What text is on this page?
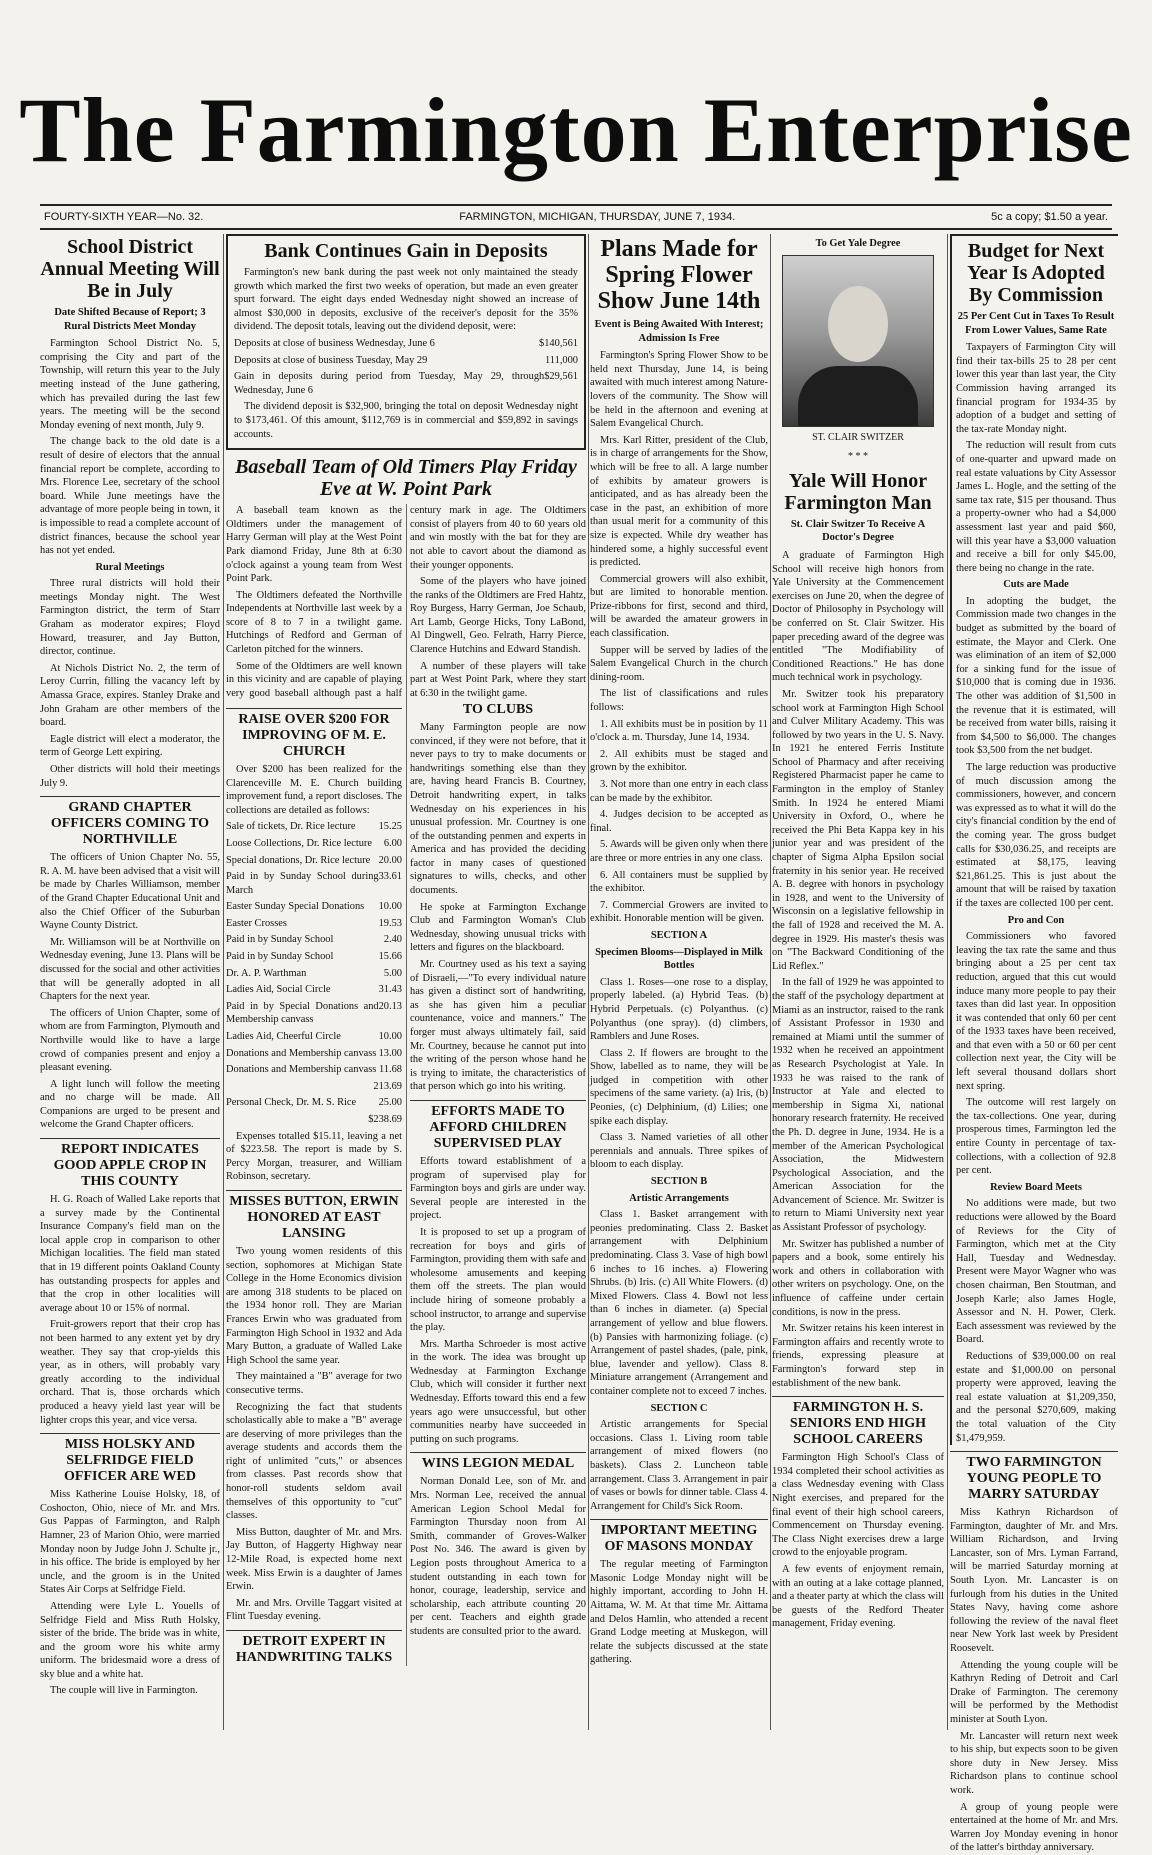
The Farmington Enterprise
FOURTY-SIXTH YEAR—No. 32.	FARMINGTON, MICHIGAN, THURSDAY, JUNE 7, 1934.	5c a copy; $1.50 a year.
School District Annual Meeting Will Be in July
Date Shifted Because of Report; 3 Rural Districts Meet Monday

Farmington School District No. 5, comprising the City and part of the Township, will return this year to the July meeting instead of the June gathering, which has prevailed during the last few years. The meeting will be the second Monday evening of next month, July 9.

The change back to the old date is a result of desire of electors that the annual financial report be complete, according to Mrs. Florence Lee, secretary of the school board. While June meetings have the advantage of more people being in town, it is impossible to read a complete account of district finances, because the school year has not yet ended.

Rural Meetings

Three rural districts will hold their meetings Monday night. The West Farmington district, the term of Starr Graham as moderator expires; Floyd Howard, treasurer, and Jay Button, director, continue.

At Nichols District No. 2, the term of Leroy Currin, filling the vacancy left by Amassa Grace, expires. Stanley Drake and John Graham are other members of the board.

Eagle district will elect a moderator, the term of George Lett expiring.

Other districts will hold their meetings July 9.

GRAND CHAPTER OFFICERS COMING TO NORTHVILLE

The officers of Union Chapter No. 55, R. A. M. have been advised that a visit will be made by Charles Williamson, member of the Grand Chapter Educational Unit and also the Chief Officer of the Suburban Wayne County District.

Mr. Williamson will be at Northville on Wednesday evening, June 13. Plans will be discussed for the social and other activities that will be generally adopted in all Chapters for the next year.

The officers of Union Chapter, some of whom are from Farmington, Plymouth and Northville would like to have a large crowd of companies present and enjoy a pleasant evening.

A light lunch will follow the meeting and no charge will be made. All Companions are urged to be present and welcome the Grand Chapter officers.

REPORT INDICATES GOOD APPLE CROP IN THIS COUNTY

H. G. Roach of Walled Lake reports that a survey made by the Continental Insurance Company's field man on the local apple crop in comparison to other Michigan localities. The field man stated that in 19 different points Oakland County has outstanding prospects for apples and that the crop in other localities will average about 10 or 15% of normal.

Fruit-growers report that their crop has not been harmed to any extent yet by dry weather. They say that crop-yields this year, as in others, will probably vary greatly according to the individual orchard. That is, those orchards which produced a heavy yield last year will be lighter crops this year, and vice versa.

MISS HOLSKY AND SELFRIDGE FIELD OFFICER ARE WED

Miss Katherine Louise Holsky, 18, of Coshocton, Ohio, niece of Mr. and Mrs. Gus Pappas of Farmington, and Ralph Hamner, 23 of Marion Ohio, were married Monday noon by Judge John J. Schulte jr., in his office. The bride is employed by her uncle, and the groom is in the United States Air Corps at Selfridge Field.

Attending were Lyle L. Youells of Selfridge Field and Miss Ruth Holsky, sister of the bride. The bride was in white, and the groom wore his white army uniform. The bridesmaid wore a dress of sky blue and a white hat.

The couple will live in Farmington.

Bank Continues Gain in Deposits

Farmington's new bank during the past week not only maintained the steady growth which marked the first two weeks of operation, but made an even greater spurt forward. The eight days ended Wednesday night showed an increase of almost $30,000 in deposits, exclusive of the receiver's deposit for the 35% dividend. The deposit totals, leaving out the dividend deposit, were:

Deposits at close of business Wednesday, June 6	$140,561

Deposits at close of business Tuesday, May 29	111,000

Gain in deposits during period from Tuesday, May 29, through Wednesday, June 6
$29,561

The dividend deposit is $32,900, bringing the total on deposit Wednesday night to $173,461. Of this amount, $112,769 is in commercial and $59,892 in savings accounts.

Baseball Team of Old Timers Play Friday Eve at W. Point Park

A baseball team known as the Oldtimers under the management of Harry German will play at the West Point Park diamond Friday, June 8th at 6:30 o'clock against a young team from West Point Park.

The Oldtimers defeated the Northville Independents at Northville last week by a score of 8 to 7 in a twilight game. Hutchings of Redford and German of Carleton pitched for the winners.

Some of the Oldtimers are well known in this vicinity and are capable of playing very good baseball although past a half century mark in age. The Oldtimers consist of players from 40 to 60 years old and win mostly with the bat for they are not able to cavort about the diamond as their younger opponents.

Some of the players who have joined the ranks of the Oldtimers are Fred Hahtz, Roy Burgess, Harry German, Joe Schaub, Art Lamb, George Hicks, Tony LaBond, Al Dingwell, Geo. Felrath, Harry Pierce, Clarence Hutchins and Edward Standish.

A number of these players will take part at West Point Park, where they start at 6:30 in the twilight game.

RAISE OVER $200 FOR IMPROVING OF M. E. CHURCH

Over $200 has been realized for the Clarenceville M. E. Church building improvement fund, a report discloses. The collections are detailed as follows:

Sale of tickets, Dr. Rice lecture 15.25

Loose Collections, Dr. Rice lecture 6.00

Special donations, Dr. Rice lecture 20.00

Paid in by Sunday School during March
33.61

Easter Sunday Special Donations 10.00

Easter Crosses	19.53

Paid in by Sunday School	2.40

Paid in by Sunday School	15.66

Dr. A. P. Warthman	5.00

Ladies Aid, Social Circle	31.43

Paid in by Special Donations and Membership canvass
20.13

Ladies Aid, Cheerful Circle	10.00

Donations and Membership canvass 13.00

Donations and Membership canvass 11.68

213.69

Personal Check, Dr. M. S. Rice 25.00

$238.69

Expenses totalled $15.11, leaving a net of $223.58. The report is made by S. Percy Morgan, treasurer, and William Robinson, secretary.

MISSES BUTTON, ERWIN HONORED AT EAST LANSING

Two young women residents of this section, sophomores at Michigan State College in the Home Economics division are among 318 students to be placed on the 1934 honor roll. They are Marian Frances Erwin who was graduated from Farmington High School in 1932 and Ada Mary Button, a graduate of Walled Lake High School the same year.

They maintained a "B" average for two consecutive terms.

Recognizing the fact that students scholastically able to make a "B" average are deserving of more privileges than the average students and accords them the right of unlimited "cuts," or absences from classes. Past records show that honor-roll students seldom avail themselves of this opportunity to "cut" classes.

Miss Button, daughter of Mr. and Mrs. Jay Button, of Haggerty Highway near 12-Mile Road, is expected home next week. Miss Erwin is a daughter of James Erwin.

Mr. and Mrs. Orville Taggart visited at Flint Tuesday evening.

DETROIT EXPERT IN HANDWRITING TALKS TO CLUBS

Many Farmington people are now convinced, if they were not before, that it never pays to try to make documents or handwritings something else than they are, having heard Francis B. Courtney, Detroit handwriting expert, in talks Wednesday on his experiences in his unusual profession. Mr. Courtney is one of the outstanding penmen and experts in America and has provided the deciding factor in many cases of questioned signatures to wills, checks, and other documents.

He spoke at Farmington Exchange Club and Farmington Woman's Club Wednesday, showing unusual tricks with letters and figures on the blackboard.

Mr. Courtney used as his text a saying of Disraeli,—"To every individual nature has given a distinct sort of handwriting, as she has given him a peculiar countenance, voice and manners." The forger must always ultimately fail, said Mr. Courtney, because he cannot put into the writing of the person whose hand he is trying to imitate, the characteristics of that person which go into his writing.

EFFORTS MADE TO AFFORD CHILDREN SUPERVISED PLAY

Efforts toward establishment of a program of supervised play for Farmington boys and girls are under way. Several people are interested in the project.

It is proposed to set up a program of recreation for boys and girls of Farmington, providing them with safe and wholesome amusements and keeping them off the streets. The plan would include hiring of someone probably a school instructor, to arrange and supervise the play.

Mrs. Martha Schroeder is most active in the work. The idea was brought up Wednesday at Farmington Exchange Club, which will consider it further next Wednesday. Efforts toward this end a few years ago were unsuccessful, but other communities nearby have succeeded in putting on such programs.

WINS LEGION MEDAL

Norman Donald Lee, son of Mr. and Mrs. Norman Lee, received the annual American Legion School Medal for Farmington Thursday noon from Al Smith, commander of Groves-Walker Post No. 346. The award is given by Legion posts throughout America to a student outstanding in each town for honor, courage, leadership, service and scholarship, each attribute counting 20 per cent. Teachers and eighth grade students are consulted prior to the award.

Plans Made for Spring Flower Show June 14th
Event is Being Awaited With Interest; Admission Is Free

Farmington's Spring Flower Show to be held next Thursday, June 14, is being awaited with much interest among Nature-lovers of the community. The Show will be held in the afternoon and evening at Salem Evangelical Church.

Mrs. Karl Ritter, president of the Club, is in charge of arrangements for the Show, which will be free to all. A large number of exhibits by amateur growers is anticipated, and as has already been the case in the past, an exhibition of more than usual merit for a community of this size is expected. While dry weather has hindered some, a highly successful event is predicted.

Commercial growers will also exhibit, but are limited to honorable mention. Prize-ribbons for first, second and third, will be awarded the amateur growers in each classification.

Supper will be served by ladies of the Salem Evangelical Church in the church dining-room.

The list of classifications and rules follows:

1. All exhibits must be in position by 11 o'clock a. m. Thursday, June 14, 1934.

2. All exhibits must be staged and grown by the exhibitor.

3. Not more than one entry in each class can be made by the exhibitor.

4. Judges decision to be accepted as final.

5. Awards will be given only when there are three or more entries in any one class.

6. All containers must be supplied by the exhibitor.

7. Commercial Growers are invited to exhibit. Honorable mention will be given.

SECTION A

Specimen Blooms—Displayed in Milk Bottles

Class 1. Roses—one rose to a display, properly labeled. (a) Hybrid Teas. (b) Hybrid Perpetuals. (c) Polyanthus. (c) Polyanthus (one spray). (d) climbers, Ramblers and June Roses.

Class 2. If flowers are brought to the Show, labelled as to name, they will be judged in competition with other specimens of the same variety. (a) Iris, (b) Peonies, (c) Delphinium, (d) Lilies; one spike each display.

Class 3. Named varieties of all other perennials and annuals. Three spikes of bloom to each display.

SECTION B

Artistic Arrangements

Class 1. Basket arrangement with peonies predominating. Class 2. Basket arrangement with Delphinium predominating. Class 3. Vase of high bowl 6 inches to 16 inches. a) Flowering Shrubs. (b) Iris. (c) All White Flowers. (d) Mixed Flowers. Class 4. Bowl not less than 6 inches in diameter. (a) Special arrangement of yellow and blue flowers. (b) Pansies with harmonizing foliage. (c) Arrangement of pastel shades, (pale, pink, blue, lavender and yellow). Class 8. Miniature arrangement (Arrangement and container complete not to exceed 7 inches.

SECTION C

Artistic arrangements for Special occasions. Class 1. Living room table arrangement of mixed flowers (no baskets). Class 2. Luncheon table arrangement. Class 3. Arrangement in pair of vases or bowls for dinner table. Class 4. Arrangement for Child's Sick Room.

IMPORTANT MEETING OF MASONS MONDAY

The regular meeting of Farmington Masonic Lodge Monday night will be highly important, according to John H. Aittama, W. M. At that time Mr. Aittama and Delos Hamlin, who attended a recent Grand Lodge meeting at Muskegon, will relate the subjects discussed at the state gathering.

To Get Yale Degree

ST. CLAIR SWITZER

* * *

Yale Will Honor Farmington Man
St. Clair Switzer To Receive A Doctor's Degree

A graduate of Farmington High School will receive high honors from Yale University at the Commencement exercises on June 20, when the degree of Doctor of Philosophy in Psychology will be conferred on St. Clair Switzer. His paper preceding award of the degree was entitled "The Modifiability of Conditioned Reactions." He has done much technical work in psychology.

Mr. Switzer took his preparatory school work at Farmington High School and Culver Military Academy. This was followed by two years in the U. S. Navy. In 1921 he entered Ferris Institute School of Pharmacy and after receiving Registered Pharmacist paper he came to Farmington in the employ of Stanley Smith. In 1924 he entered Miami University in Oxford, O., where he received the Phi Beta Kappa key in his junior year and was president of the chapter of Sigma Alpha Epsilon social fraternity in his senior year. He received A. B. degree with honors in psychology in 1928, and went to the University of Wisconsin on a legislative fellowship in the fall of 1928 and received the M. A. degree in 1929. His master's thesis was on "The Backward Conditioning of the Lid Reflex."

In the fall of 1929 he was appointed to the staff of the psychology department at Miami as an instructor, raised to the rank of Assistant Professor in 1930 and remained at Miami until the summer of 1932 when he received an appointment as Research Psychologist at Yale. In 1933 he was raised to the rank of Instructor at Yale and elected to membership in Sigma Xi, national honorary research fraternity. He received the Ph. D. degree in June, 1934. He is a member of the American Psychological Association, the Midwestern Psychological Association, and the American Association for the Advancement of Science. Mr. Switzer is to return to Miami University next year as Assistant Professor of psychology.

Mr. Switzer has published a number of papers and a book, some entirely his work and others in collaboration with other writers on psychology. One, on the influence of caffeine under certain conditions, is now in the press.

Mr. Switzer retains his keen interest in Farmington affairs and recently wrote to friends, expressing pleasure at Farmington's forward step in establishment of the new bank.

FARMINGTON H. S. SENIORS END HIGH SCHOOL CAREERS

Farmington High School's Class of 1934 completed their school activities as a class Wednesday evening with Class Night exercises, and prepared for the final event of their high school careers, Commencement on Thursday evening. The Class Night exercises drew a large crowd to the enjoyable program.

A few events of enjoyment remain, with an outing at a lake cottage planned, and a theater party at which the class will be guests of the Redford Theater management, Friday evening.

Budget for Next Year Is Adopted By Commission
25 Per Cent Cut in Taxes To Result From Lower Values, Same Rate

Taxpayers of Farmington City will find their tax-bills 25 to 28 per cent lower this year than last year, the City Commission having arranged its financial program for 1934-35 by adoption of a budget and setting of the tax-rate Monday night.

The reduction will result from cuts of one-quarter and upward made on real estate valuations by City Assessor James L. Hogle, and the setting of the same tax rate, $15 per thousand. Thus a property-owner who had a $4,000 assessment last year and paid $60, will this year have a $3,000 valuation and receive a bill for only $45.00, there being no change in the rate.

Cuts are Made

In adopting the budget, the Commission made two changes in the budget as submitted by the board of estimate, the Mayor and Clerk. One was elimination of an item of $2,000 for a sinking fund for the issue of $10,000 that is coming due in 1936. The other was addition of $1,500 in the revenue that it is estimated, will be received from water bills, raising it from $4,500 to $6,000. The changes took $3,500 from the net budget.

The large reduction was productive of much discussion among the commissioners, however, and concern was expressed as to what it will do the city's financial condition by the end of the coming year. The gross budget calls for $30,036.25, and receipts are estimated at $8,175, leaving $21,861.25. This is just about the amount that will be raised by taxation if the taxes are collected 100 per cent.

Pro and Con

Commissioners who favored leaving the tax rate the same and thus bringing about a 25 per cent tax reduction, argued that this cut would induce many more people to pay their taxes than did last year. In opposition it was contended that only 60 per cent of the 1933 taxes have been received, and that even with a 50 or 60 per cent collection next year, the City will be left several thousand dollars short next spring.

The outcome will rest largely on the tax-collections. One year, during prosperous times, Farmington led the entire County in percentage of tax-collections, with a collection of 92.8 per cent.

Review Board Meets

No additions were made, but two reductions were allowed by the Board of Reviews for the City of Farmington, which met at the City Hall, Tuesday and Wednesday. Present were Mayor Wagner who was chosen chairman, Ben Stoutman, and Joseph Karle; also James Hogle, Assessor and N. H. Power, Clerk. Each assessment was reviewed by the Board.

Reductions of $39,000.00 on real estate and $1,000.00 on personal property were approved, leaving the real estate valuation at $1,209,350, and the personal $270,609, making the total valuation of the City $1,479,959.

TWO FARMINGTON YOUNG PEOPLE TO MARRY SATURDAY

Miss Kathryn Richardson of Farmington, daughter of Mr. and Mrs. William Richardson, and Irving Lancaster, son of Mrs. Lyman Farrand, will be married Saturday morning at South Lyon. Mr. Lancaster is on furlough from his duties in the United States Navy, having come ashore following the review of the naval fleet near New York last week by President Roosevelt.

Attending the young couple will be Kathryn Reding of Detroit and Carl Drake of Farmington. The ceremony will be performed by the Methodist minister at South Lyon.

Mr. Lancaster will return next week to his ship, but expects soon to be given shore duty in New Jersey. Miss Richardson plans to continue school work.

A group of young people were entertained at the home of Mr. and Mrs. Warren Joy Monday evening in honor of the latter's birthday anniversary.
